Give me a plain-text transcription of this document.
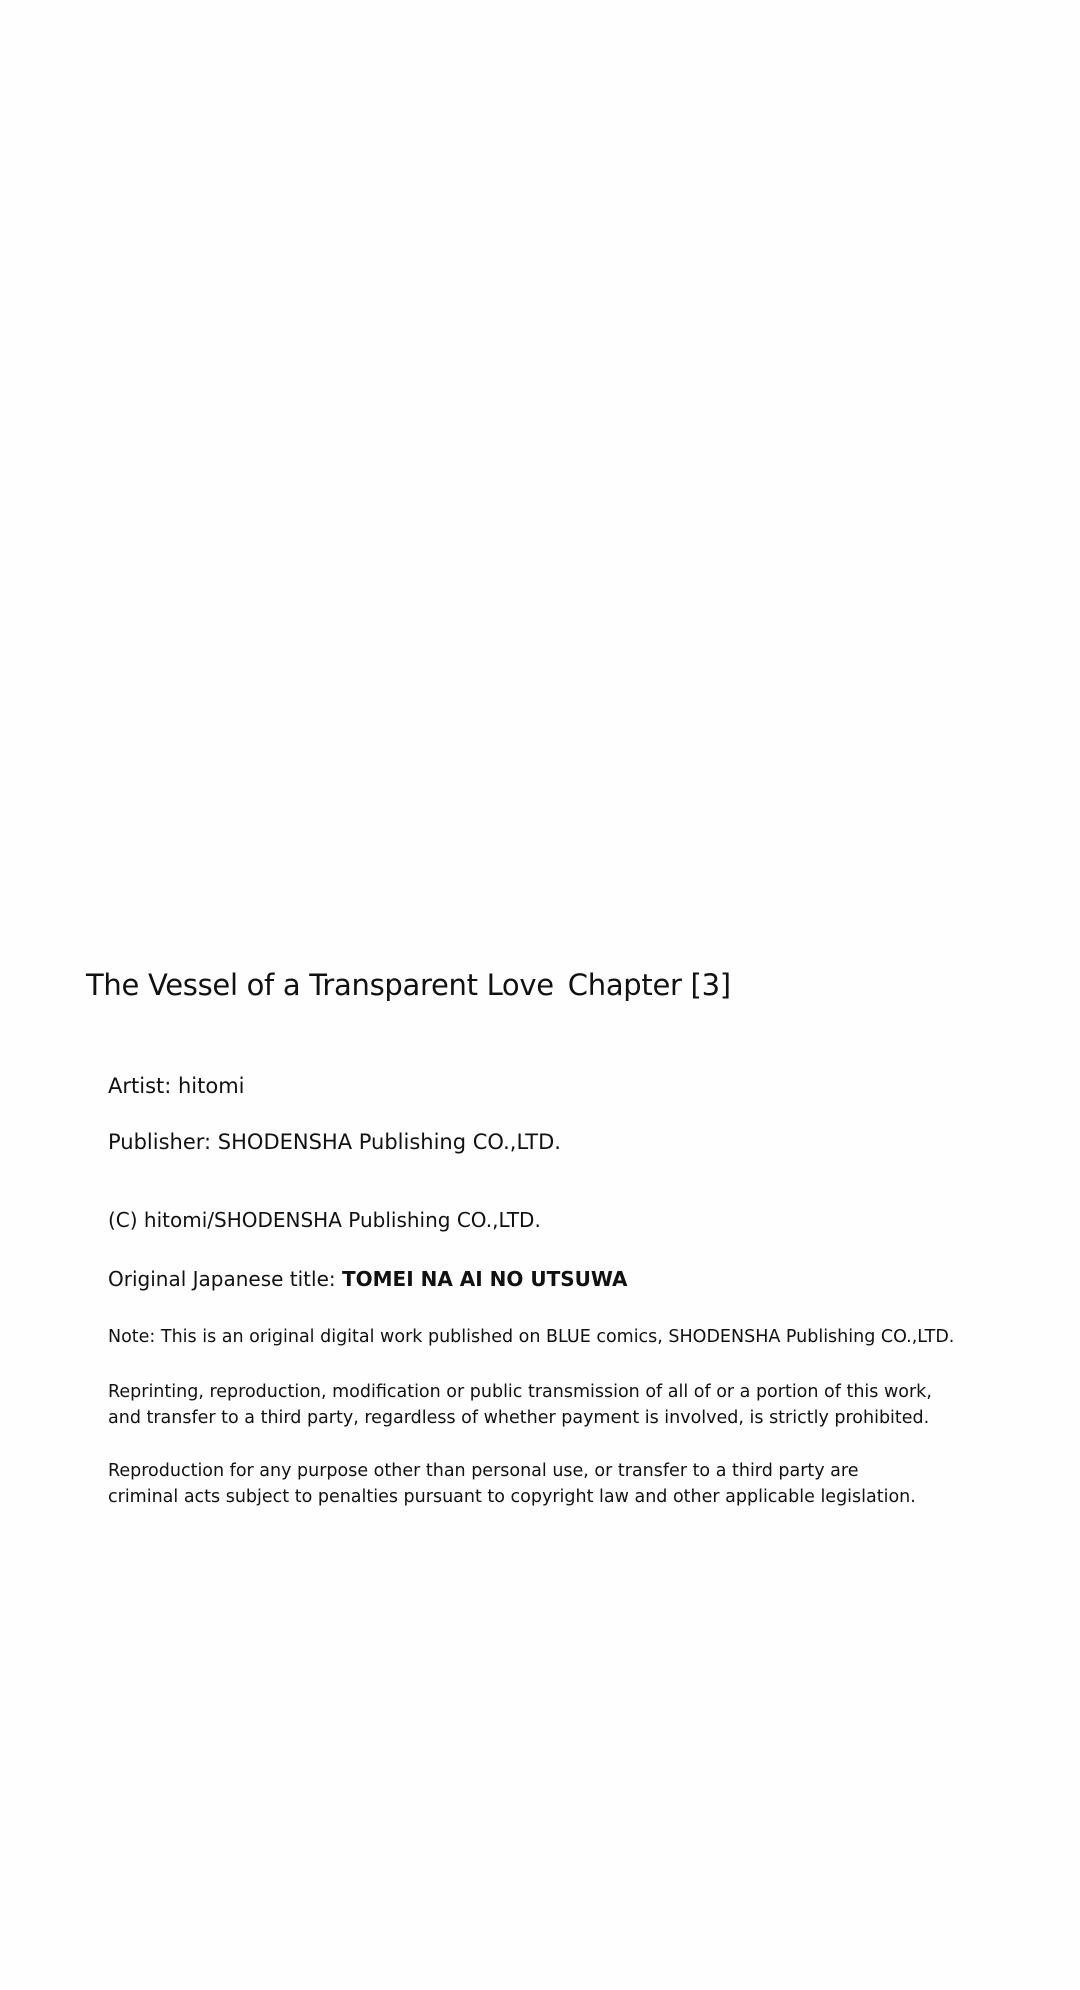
The Vessel of a Transparent Love Chapter [3]
Artist: hitomi
Publisher: SHODENSHA Publishing CO.,LTD.
(C) hitomi/SHODENSHA Publishing CO.,LTD.
Original Japanese title: TOMEI NA AI NO UTSUWA
Note: This is an original digital work published on BLUE comics, SHODENSHA Publishing CO.,LTD.
Reprinting, reproduction, modification or public transmission of all of or a portion of this work,
and transfer to a third party, regardless of whether payment is involved, is strictly prohibited.
Reproduction for any purpose other than personal use, or transfer to a third party are
criminal acts subject to penalties pursuant to copyright law and other applicable legislation.
